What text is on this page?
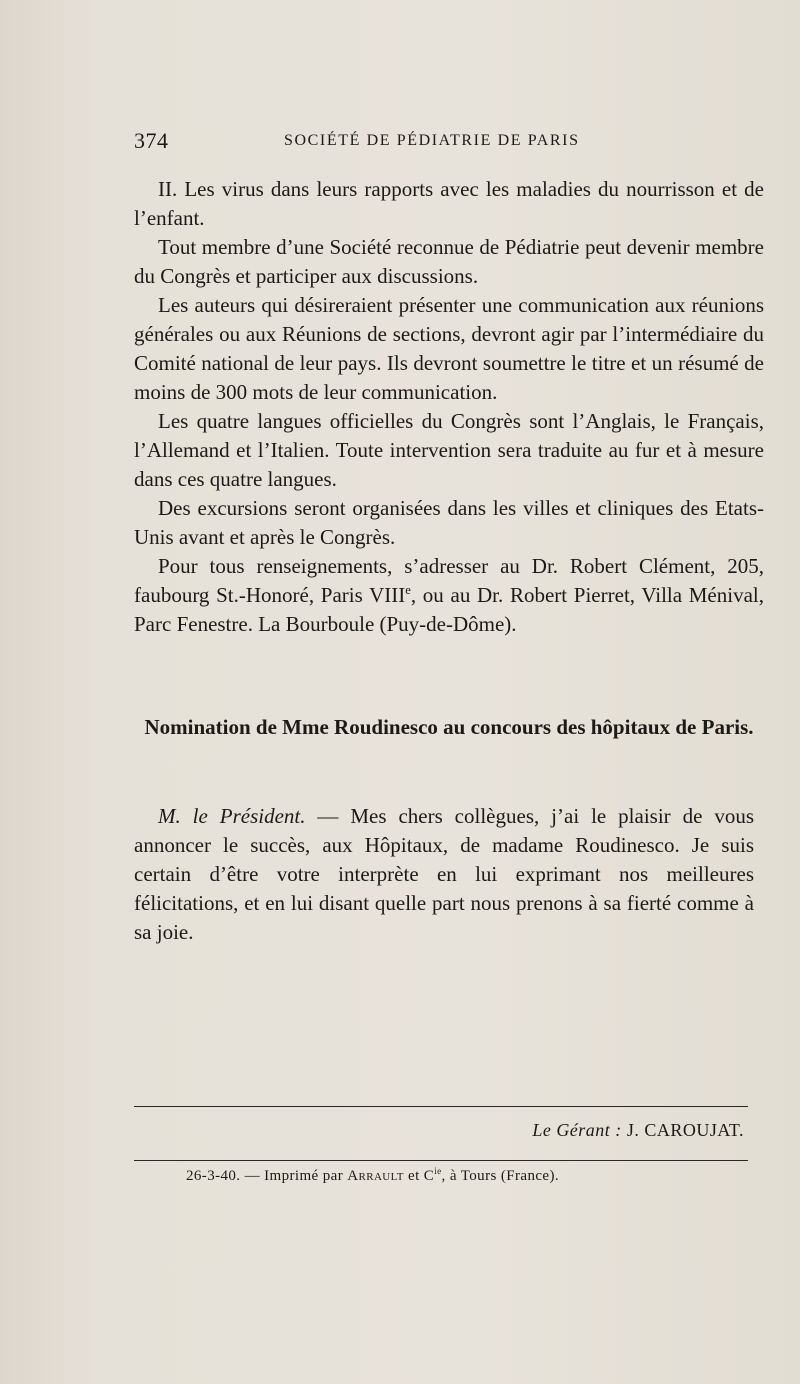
374	SOCIÉTÉ DE PÉDIATRIE DE PARIS

II. Les virus dans leurs rapports avec les maladies du nourrisson et de l’enfant.

Tout membre d’une Société reconnue de Pédiatrie peut devenir membre du Congrès et participer aux discussions.

Les auteurs qui désireraient présenter une communication aux réunions générales ou aux Réunions de sections, devront agir par l’intermédiaire du Comité national de leur pays. Ils devront soumettre le titre et un résumé de moins de 300 mots de leur communication.

Les quatre langues officielles du Congrès sont l’Anglais, le Français, l’Allemand et l’Italien. Toute intervention sera traduite au fur et à mesure dans ces quatre langues.

Des excursions seront organisées dans les villes et cliniques des Etats-Unis avant et après le Congrès.

Pour tous renseignements, s’adresser au Dr. Robert Clément, 205, faubourg St.-Honoré, Paris VIIIe, ou au Dr. Robert Pierret, Villa Ménival, Parc Fenestre. La Bourboule (Puy-de-Dôme).

Nomination de Mme Roudinesco au concours des hôpitaux de Paris.

M. le Président. — Mes chers collègues, j’ai le plaisir de vous annoncer le succès, aux Hôpitaux, de madame Roudinesco. Je suis certain d’être votre interprète en lui exprimant nos meilleures félicitations, et en lui disant quelle part nous prenons à sa fierté comme à sa joie.

Le Gérant : J. CAROUJAT.
26-3-40. — Imprimé par Arrault et $C^{ie}$, à Tours (France).
